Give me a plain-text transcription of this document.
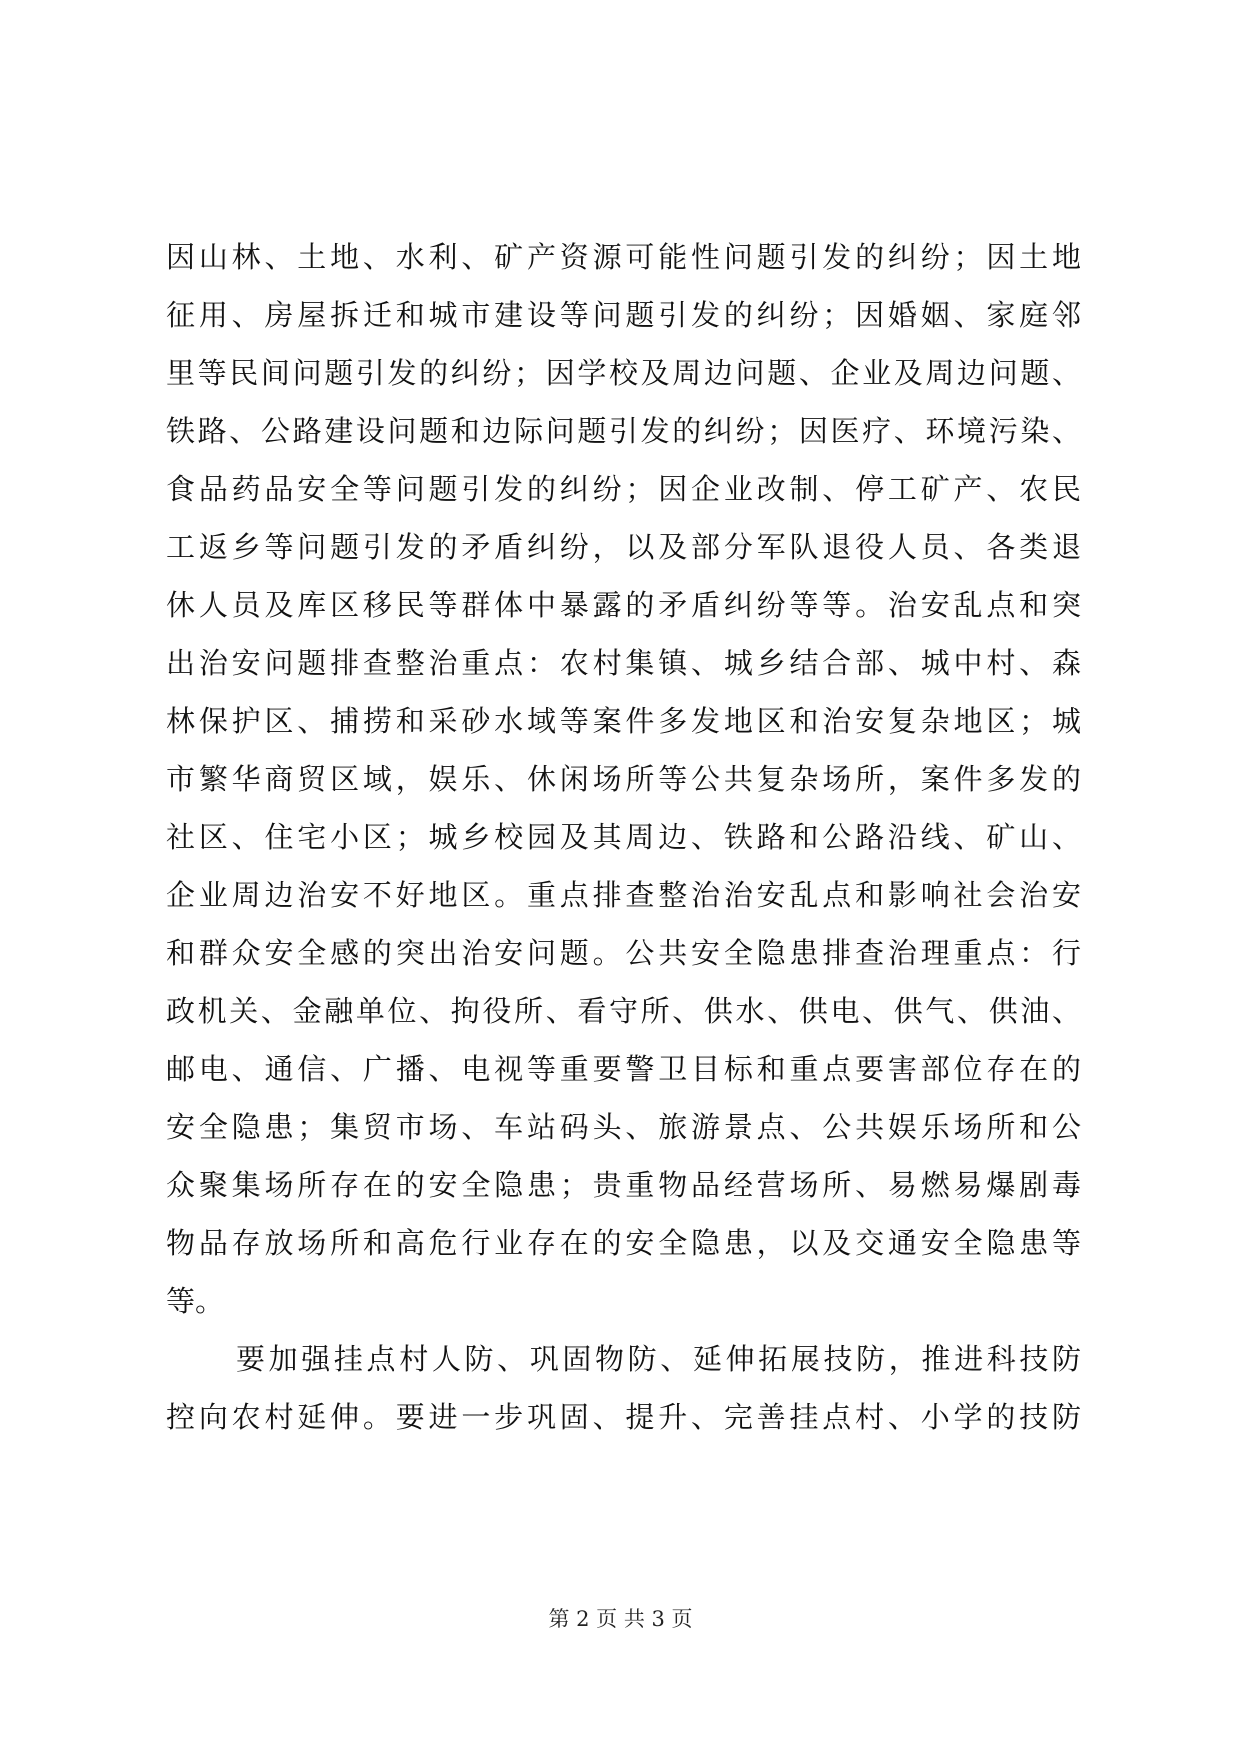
因山林、土地、水利、矿产资源可能性问题引发的纠纷；因土地
征用、房屋拆迁和城市建设等问题引发的纠纷；因婚姻、家庭邻
里等民间问题引发的纠纷；因学校及周边问题、企业及周边问题、
铁路、公路建设问题和边际问题引发的纠纷；因医疗、环境污染、
食品药品安全等问题引发的纠纷；因企业改制、停工矿产、农民
工返乡等问题引发的矛盾纠纷，以及部分军队退役人员、各类退
休人员及库区移民等群体中暴露的矛盾纠纷等等。治安乱点和突
出治安问题排查整治重点：农村集镇、城乡结合部、城中村、森
林保护区、捕捞和采砂水域等案件多发地区和治安复杂地区；城
市繁华商贸区域，娱乐、休闲场所等公共复杂场所，案件多发的
社区、住宅小区；城乡校园及其周边、铁路和公路沿线、矿山、
企业周边治安不好地区。重点排查整治治安乱点和影响社会治安
和群众安全感的突出治安问题。公共安全隐患排查治理重点：行
政机关、金融单位、拘役所、看守所、供水、供电、供气、供油、
邮电、通信、广播、电视等重要警卫目标和重点要害部位存在的
安全隐患；集贸市场、车站码头、旅游景点、公共娱乐场所和公
众聚集场所存在的安全隐患；贵重物品经营场所、易燃易爆剧毒
物品存放场所和高危行业存在的安全隐患，以及交通安全隐患等
等。
要加强挂点村人防、巩固物防、延伸拓展技防，推进科技防
控向农村延伸。要进一步巩固、提升、完善挂点村、小学的技防
第 2 页 共 3 页
